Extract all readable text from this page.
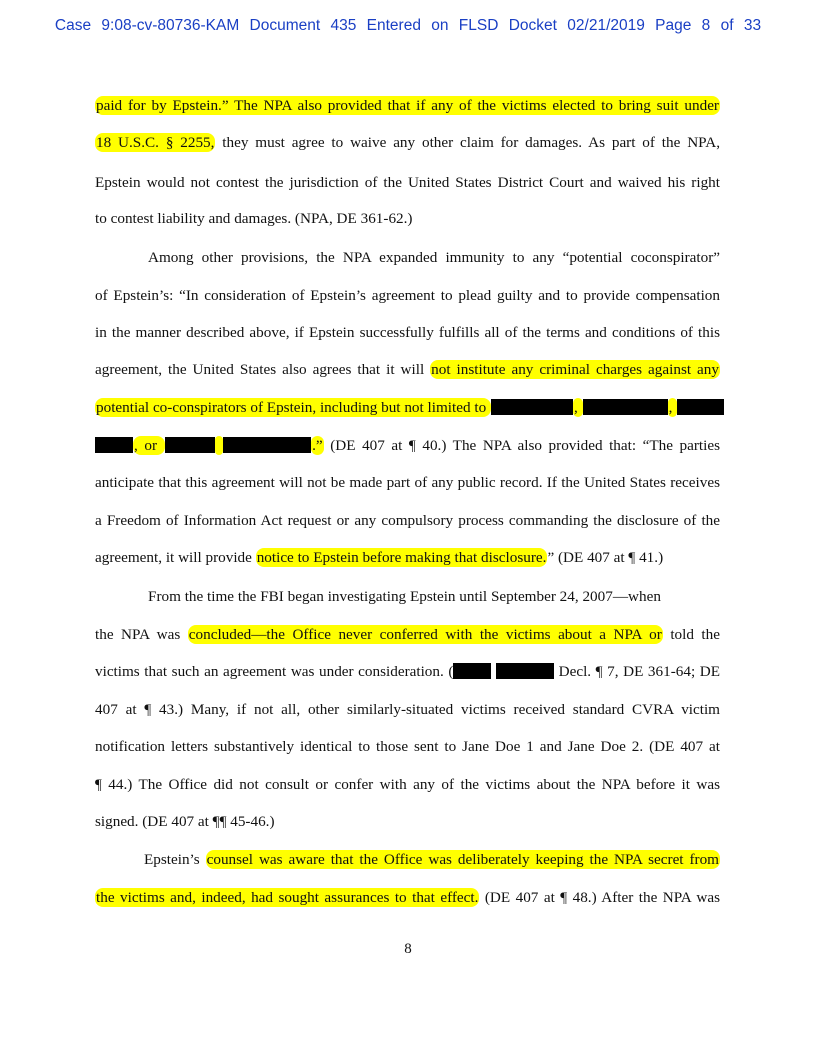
Case 9:08-cv-80736-KAM Document 435 Entered on FLSD Docket 02/21/2019 Page 8 of 33
paid for by Epstein.” The NPA also provided that if any of the victims elected to bring suit under
18 U.S.C. § 2255, they must agree to waive any other claim for damages. As part of the NPA,
Epstein would not contest the jurisdiction of the United States District Court and waived his right
to contest liability and damages. (NPA, DE 361-62.)
Among other provisions, the NPA expanded immunity to any “potential coconspirator”
of Epstein’s: “In consideration of Epstein’s agreement to plead guilty and to provide compensation
in the manner described above, if Epstein successfully fulfills all of the terms and conditions of this
agreement, the United States also agrees that it will not institute any criminal charges against any
potential co-conspirators of Epstein, including but not limited to	,	,
, or	.” (DE 407 at ¶ 40.) The NPA also provided that: “The parties
anticipate that this agreement will not be made part of any public record. If the United States receives
a Freedom of Information Act request or any compulsory process commanding the disclosure of the
agreement, it will provide notice to Epstein before making that disclosure.” (DE 407 at ¶ 41.)
From the time the FBI began investigating Epstein until September 24, 2007—when
the NPA was concluded—the Office never conferred with the victims about a NPA or told the
victims that such an agreement was under consideration. (	Decl. ¶ 7, DE 361-64; DE
407 at ¶ 43.) Many, if not all, other similarly-situated victims received standard CVRA victim
notification letters substantively identical to those sent to Jane Doe 1 and Jane Doe 2. (DE 407 at
¶ 44.) The Office did not consult or confer with any of the victims about the NPA before it was
signed. (DE 407 at ¶¶ 45-46.)
Epstein’s counsel was aware that the Office was deliberately keeping the NPA secret from
the victims and, indeed, had sought assurances to that effect. (DE 407 at ¶ 48.) After the NPA was
8
